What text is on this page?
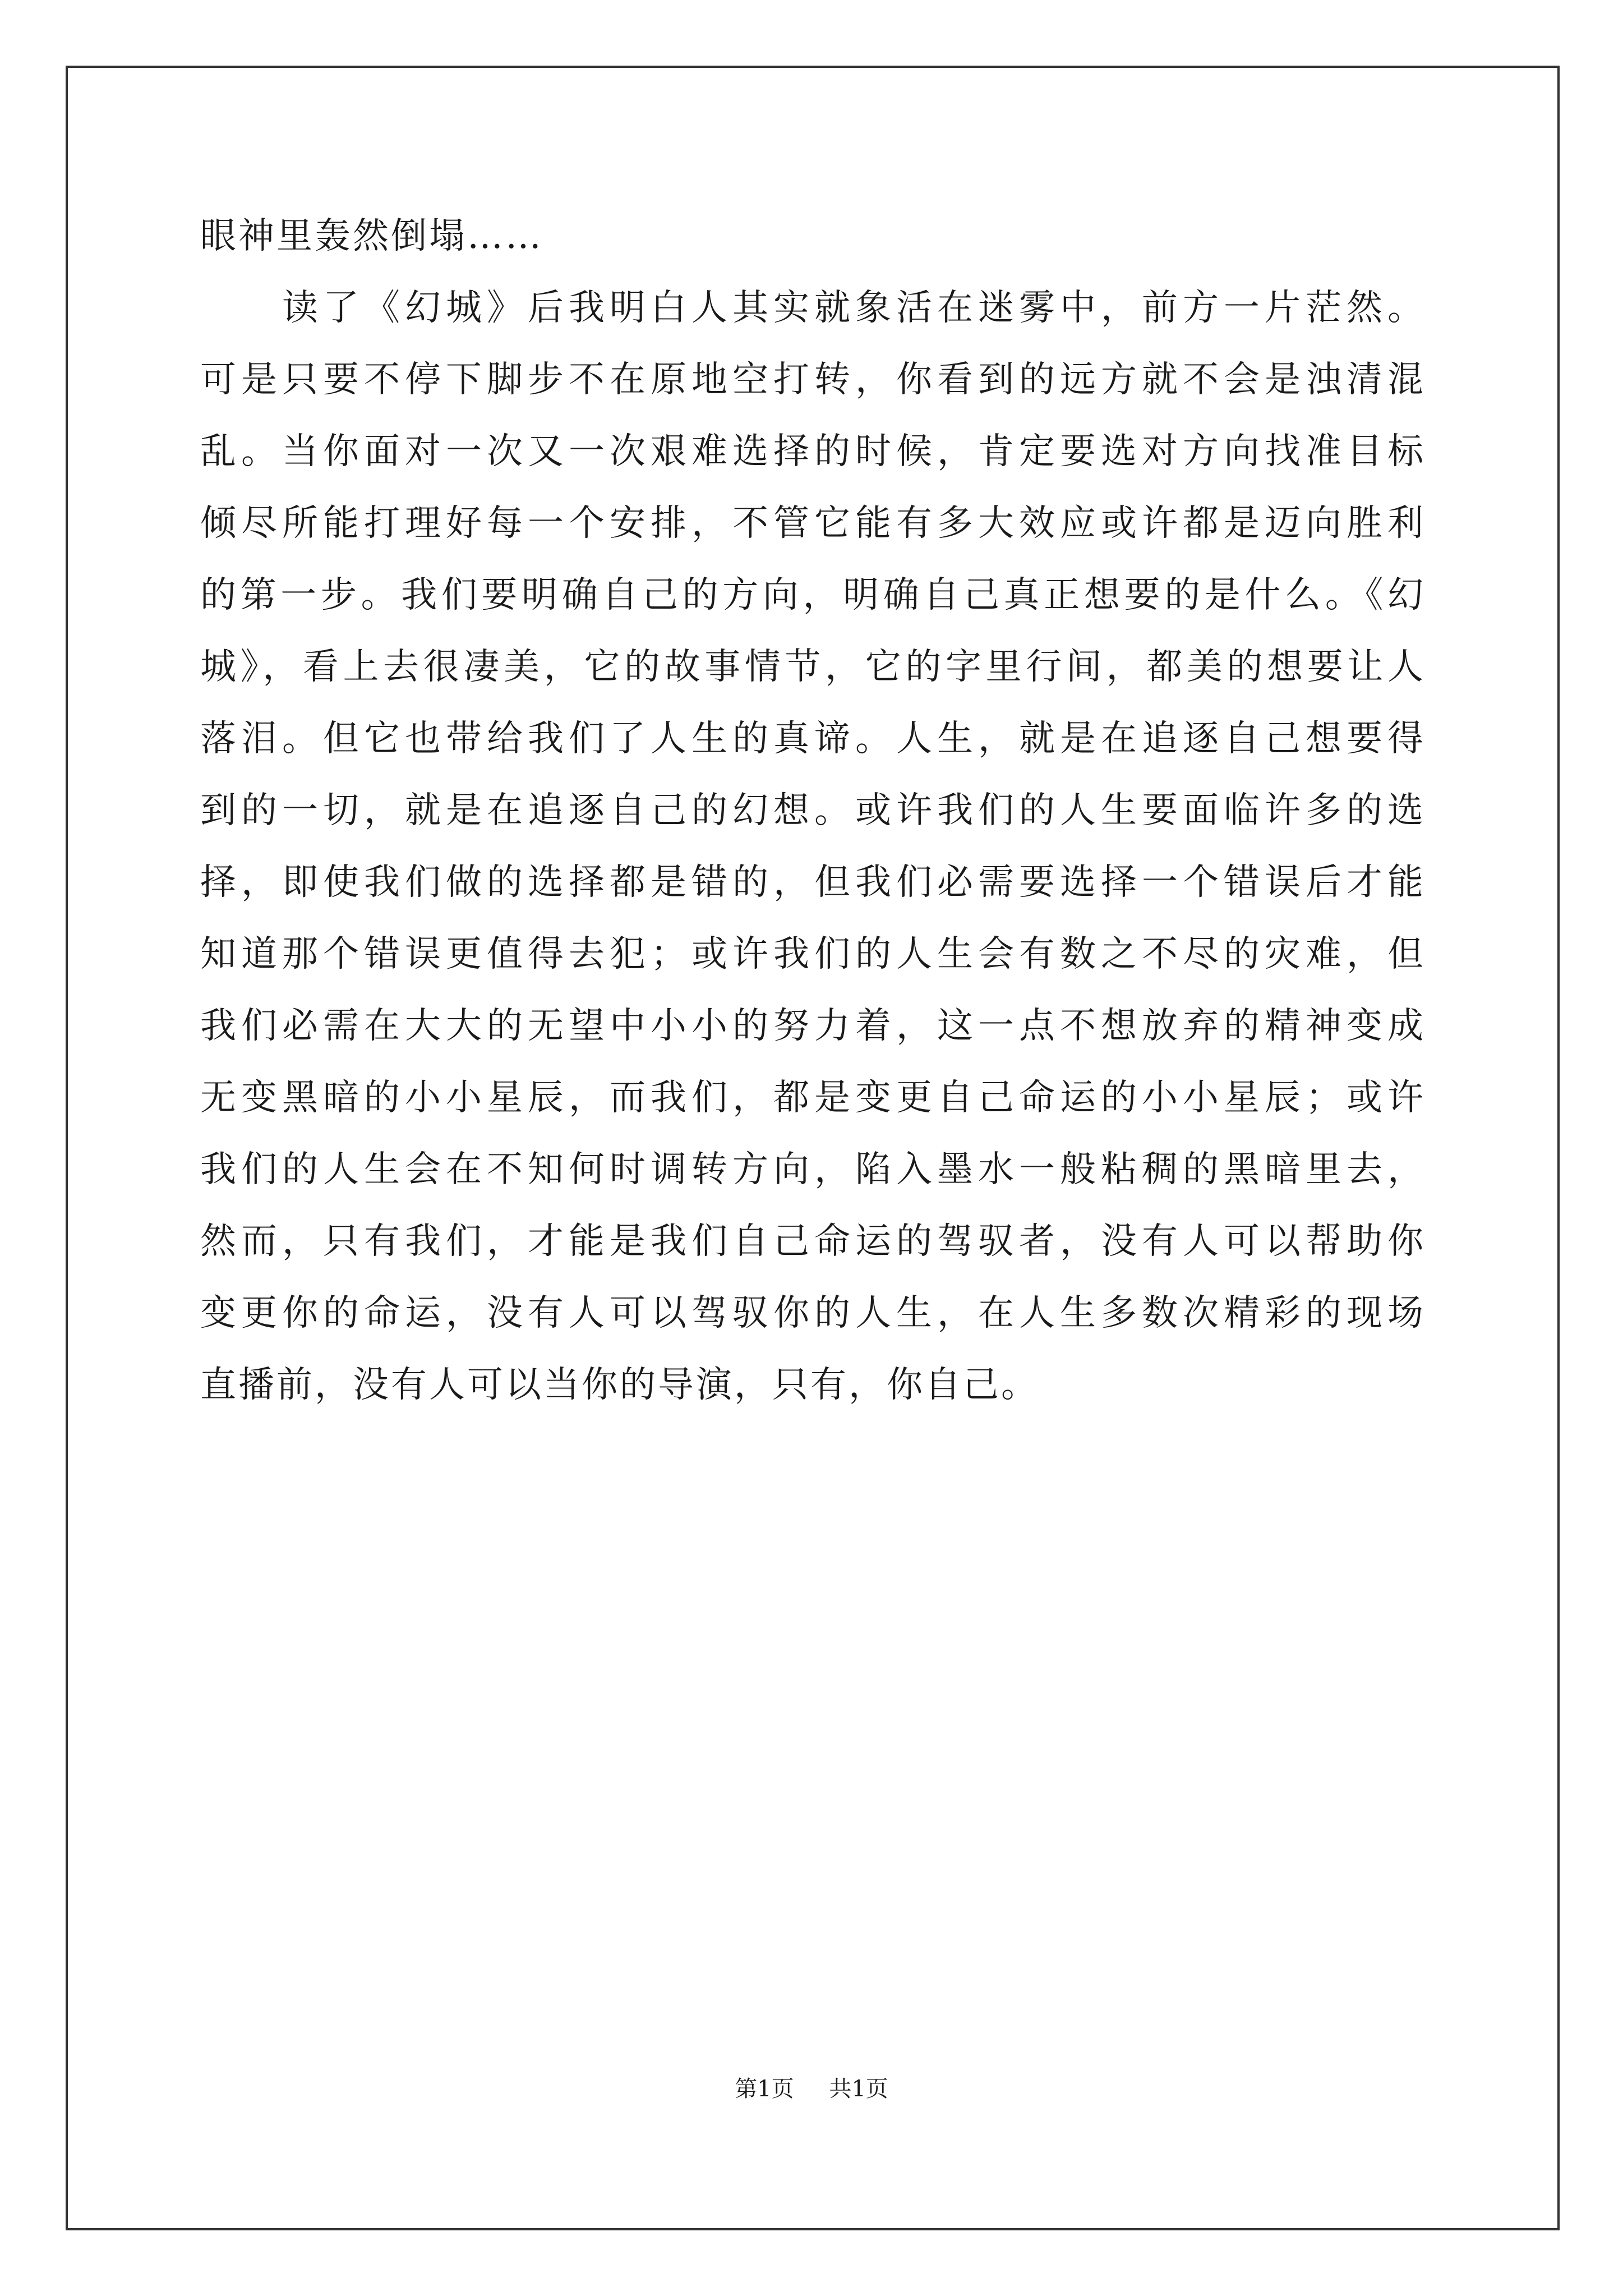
眼神里轰然倒塌……
　　读了《幻城》后我明白人其实就象活在迷雾中，前方一片茫然。
可是只要不停下脚步不在原地空打转，你看到的远方就不会是浊清混
乱。当你面对一次又一次艰难选择的时候，肯定要选对方向找准目标
倾尽所能打理好每一个安排，不管它能有多大效应或许都是迈向胜利
的第一步。我们要明确自己的方向，明确自己真正想要的是什么。《幻
城》，看上去很凄美，它的故事情节，它的字里行间，都美的想要让人
落泪。但它也带给我们了人生的真谛。人生，就是在追逐自己想要得
到的一切，就是在追逐自己的幻想。或许我们的人生要面临许多的选
择，即使我们做的选择都是错的，但我们必需要选择一个错误后才能
知道那个错误更值得去犯；或许我们的人生会有数之不尽的灾难，但
我们必需在大大的无望中小小的努力着，这一点不想放弃的精神变成
无变黑暗的小小星辰，而我们，都是变更自己命运的小小星辰；或许
我们的人生会在不知何时调转方向，陷入墨水一般粘稠的黑暗里去，
然而，只有我们，才能是我们自己命运的驾驭者，没有人可以帮助你
变更你的命运，没有人可以驾驭你的人生，在人生多数次精彩的现场
直播前，没有人可以当你的导演，只有，你自己。
第1页 共1页
